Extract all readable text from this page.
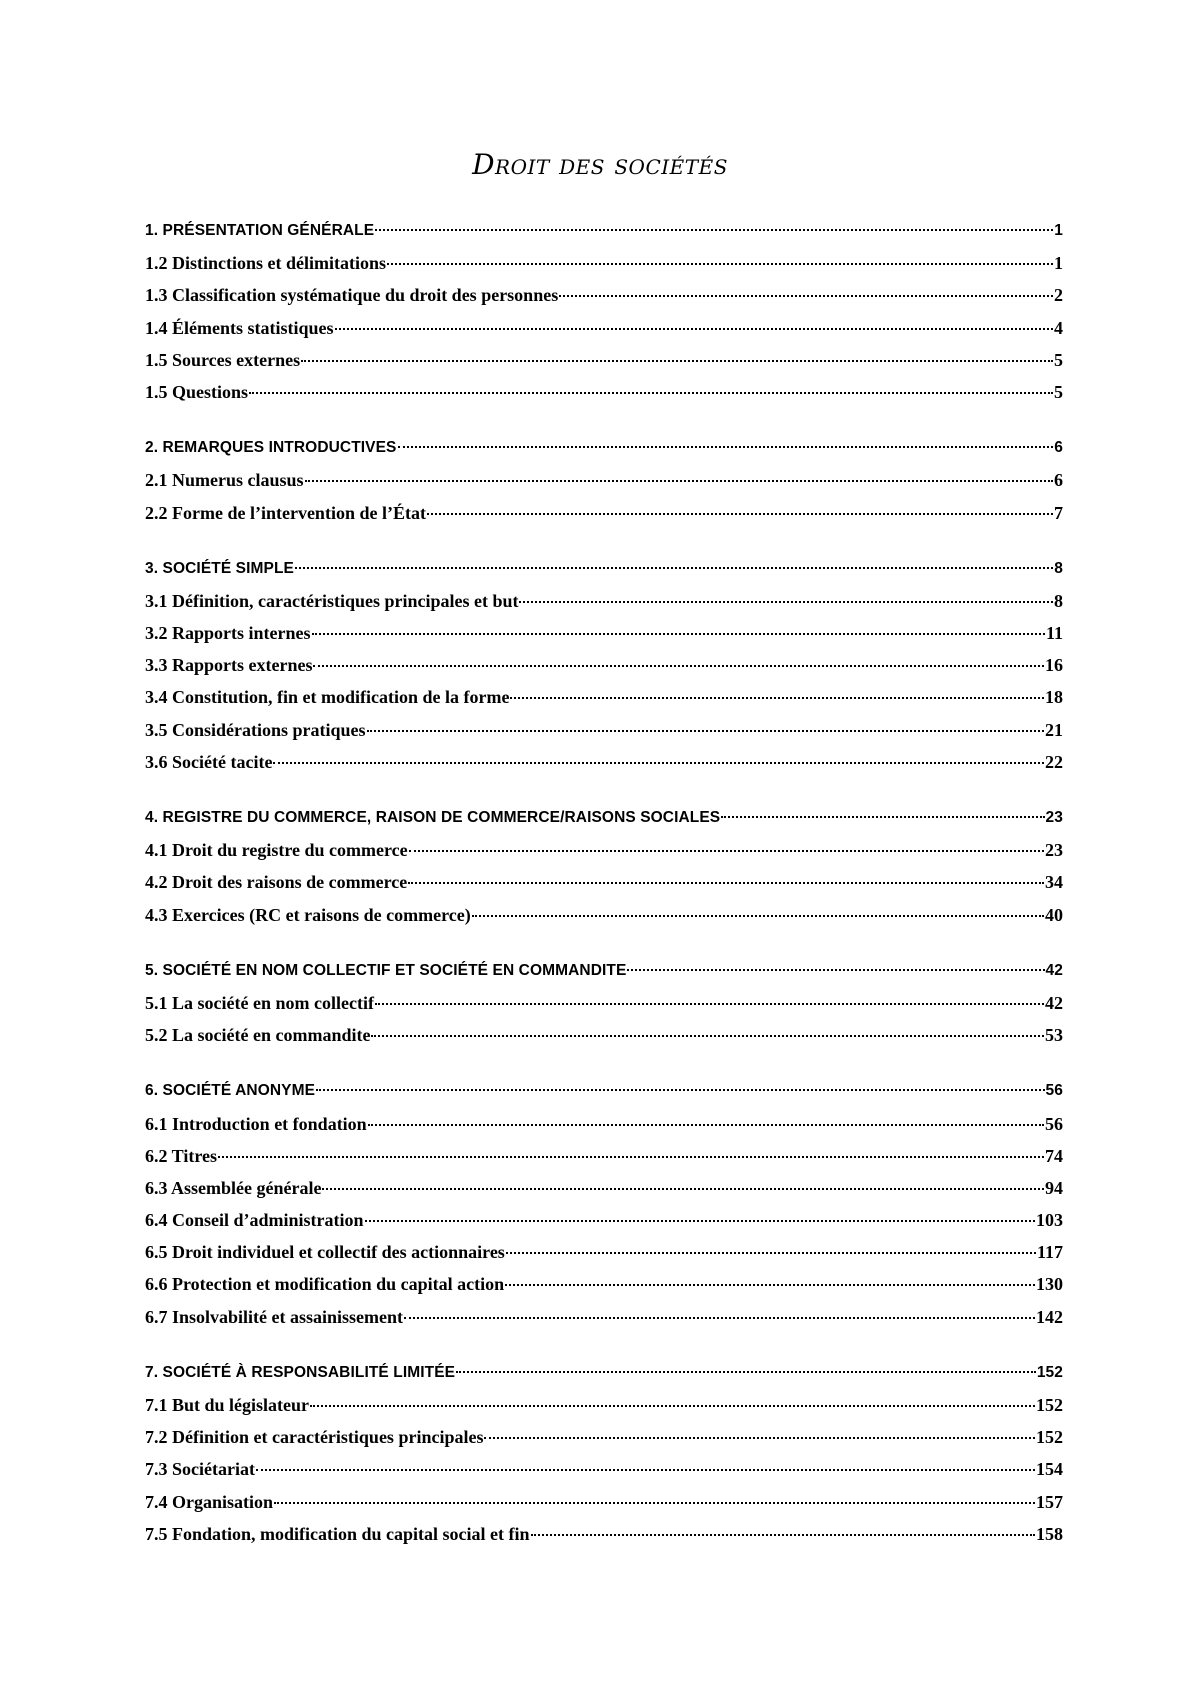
Droit des sociétés
1. PRÉSENTATION GÉNÉRALE	1
1.2 Distinctions et délimitations	1
1.3 Classification systématique du droit des personnes	2
1.4 Éléments statistiques	4
1.5 Sources externes	5
1.5 Questions	5
2. REMARQUES INTRODUCTIVES	6
2.1 Numerus clausus	6
2.2 Forme de l’intervention de l’État	7
3. SOCIÉTÉ SIMPLE	8
3.1 Définition, caractéristiques principales et but	8
3.2 Rapports internes	11
3.3 Rapports externes	16
3.4 Constitution, fin et modification de la forme	18
3.5 Considérations pratiques	21
3.6 Société tacite	22
4. REGISTRE DU COMMERCE, RAISON DE COMMERCE/RAISONS SOCIALES	23
4.1 Droit du registre du commerce	23
4.2 Droit des raisons de commerce	34
4.3 Exercices (RC et raisons de commerce)	40
5. SOCIÉTÉ EN NOM COLLECTIF ET SOCIÉTÉ EN COMMANDITE	42
5.1 La société en nom collectif	42
5.2 La société en commandite	53
6. SOCIÉTÉ ANONYME	56
6.1 Introduction et fondation	56
6.2 Titres	74
6.3 Assemblée générale	94
6.4 Conseil d’administration	103
6.5 Droit individuel et collectif des actionnaires	117
6.6 Protection et modification du capital action	130
6.7 Insolvabilité et assainissement	142
7. SOCIÉTÉ À RESPONSABILITÉ LIMITÉE	152
7.1 But du législateur	152
7.2 Définition et caractéristiques principales	152
7.3 Sociétariat	154
7.4 Organisation	157
7.5 Fondation, modification du capital social et fin	158
